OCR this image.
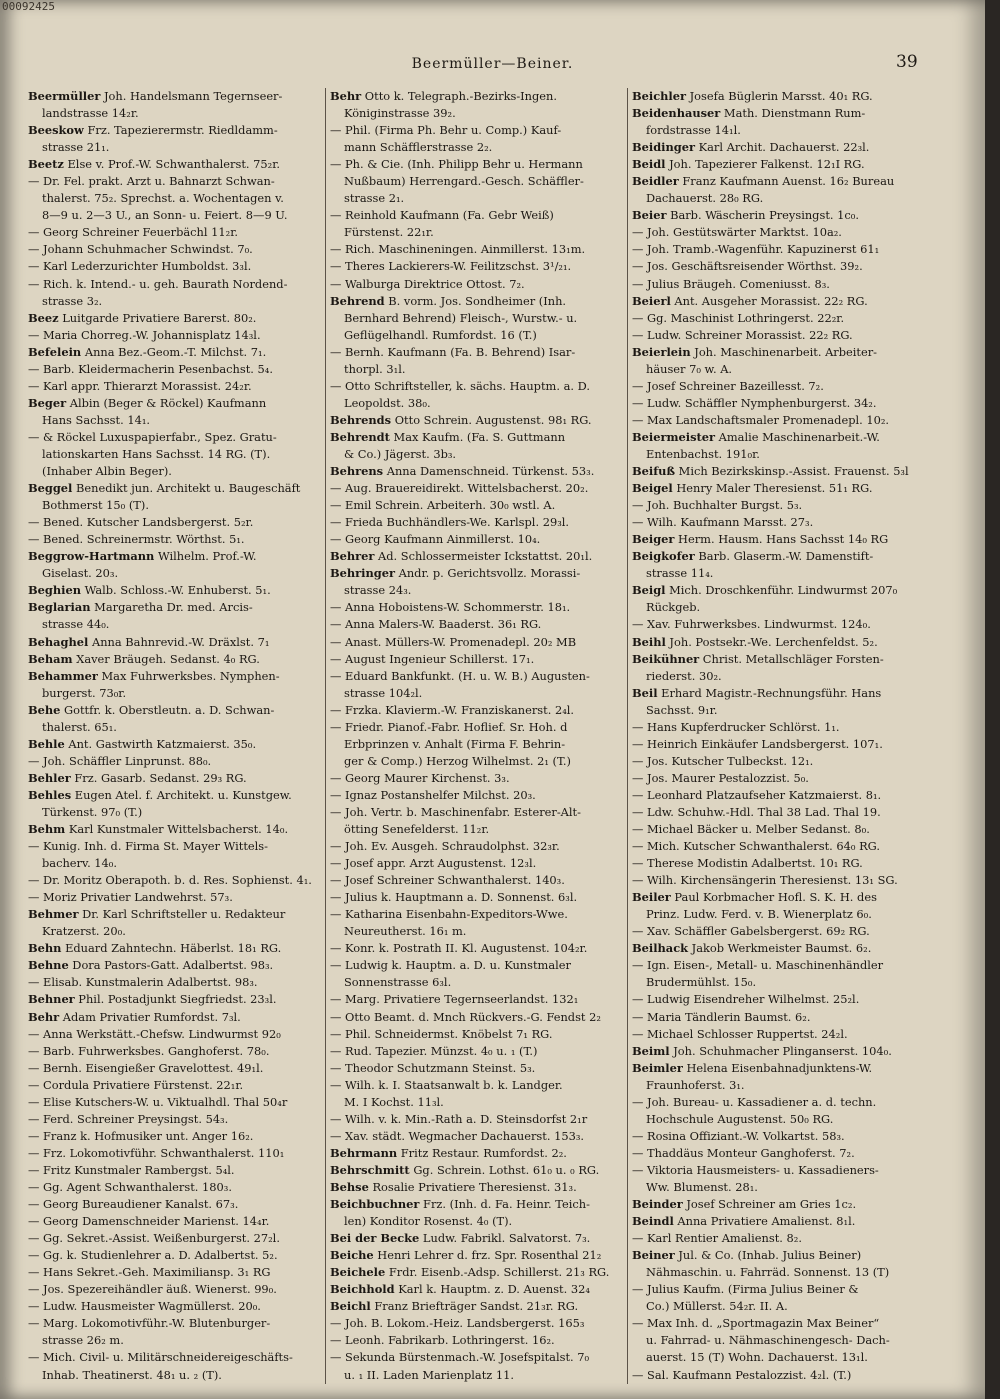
00092425
Beermüller—Beiner.	39
Beermüller Joh. Handelsmann Tegernseer-
landstrasse 14₂r.
Beeskow Frz. Tapezierermstr. Riedldamm-
strasse 21₁.
Beetz Else v. Prof.-W. Schwanthalerst. 75₂r.
— Dr. Fel. prakt. Arzt u. Bahnarzt Schwan-
thalerst. 75₂. Sprechst. a. Wochentagen v.
8—9 u. 2—3 U., an Sonn- u. Feiert. 8—9 U.
— Georg Schreiner Feuerbächl 11₂r.
— Johann Schuhmacher Schwindst. 7₀.
— Karl Lederzurichter Humboldst. 3₃l.
— Rich. k. Intend.- u. geh. Baurath Nordend-
strasse 3₂.
Beez Luitgarde Privatiere Barerst. 80₂.
— Maria Chorreg.-W. Johannisplatz 14₃l.
Befelein Anna Bez.-Geom.-T. Milchst. 7₁.
— Barb. Kleidermacherin Pesenbachst. 5₄.
— Karl appr. Thierarzt Morassist. 24₂r.
Beger Albin (Beger & Röckel) Kaufmann
Hans Sachsst. 14₁.
— & Röckel Luxuspapierfabr., Spez. Gratu-
lationskarten Hans Sachsst. 14 RG. (T).
(Inhaber Albin Beger).
Beggel Benedikt jun. Architekt u. Baugeschäft
Bothmerst 15₀ (T).
— Bened. Kutscher Landsbergerst. 5₂r.
— Bened. Schreinermstr. Wörthst. 5₁.
Beggrow-Hartmann Wilhelm. Prof.-W.
Giselast. 20₃.
Beghien Walb. Schloss.-W. Enhuberst. 5₁.
Beglarian Margaretha Dr. med. Arcis-
strasse 44₀.
Behaghel Anna Bahnrevid.-W. Dräxlst. 7₁
Beham Xaver Bräugeh. Sedanst. 4₀ RG.
Behammer Max Fuhrwerksbes. Nymphen-
burgerst. 73₀r.
Behe Gottfr. k. Oberstleutn. a. D. Schwan-
thalerst. 65₁.
Behle Ant. Gastwirth Katzmaierst. 35₀.
— Joh. Schäffler Linprunst. 88₀.
Behler Frz. Gasarb. Sedanst. 29₃ RG.
Behles Eugen Atel. f. Architekt. u. Kunstgew.
Türkenst. 97₀ (T.)
Behm Karl Kunstmaler Wittelsbacherst. 14₀.
— Kunig. Inh. d. Firma St. Mayer Wittels-
bacherv. 14₀.
— Dr. Moritz Oberapoth. b. d. Res. Sophienst. 4₁.
— Moriz Privatier Landwehrst. 57₃.
Behmer Dr. Karl Schriftsteller u. Redakteur
Kratzerst. 20₀.
Behn Eduard Zahntechn. Häberlst. 18₁ RG.
Behne Dora Pastors-Gatt. Adalbertst. 98₃.
— Elisab. Kunstmalerin Adalbertst. 98₃.
Behner Phil. Postadjunkt Siegfriedst. 23₃l.
Behr Adam Privatier Rumfordst. 7₃l.
— Anna Werkstätt.-Chefsw. Lindwurmst 92₀
— Barb. Fuhrwerksbes. Ganghoferst. 78₀.
— Bernh. Eisengießer Gravelottest. 49₁l.
— Cordula Privatiere Fürstenst. 22₁r.
— Elise Kutschers-W. u. Viktualhdl. Thal 50₄r
— Ferd. Schreiner Preysingst. 54₃.
— Franz k. Hofmusiker unt. Anger 16₂.
— Frz. Lokomotivführ. Schwanthalerst. 110₁
— Fritz Kunstmaler Rambergst. 5₄l.
— Gg. Agent Schwanthalerst. 180₃.
— Georg Bureaudiener Kanalst. 67₃.
— Georg Damenschneider Marienst. 14₄r.
— Gg. Sekret.-Assist. Weißenburgerst. 27₂l.
— Gg. k. Studienlehrer a. D. Adalbertst. 5₂.
— Hans Sekret.-Geh. Maximiliansp. 3₁ RG
— Jos. Spezereihändler äuß. Wienerst. 99₀.
— Ludw. Hausmeister Wagmüllerst. 20₀.
— Marg. Lokomotivführ.-W. Blutenburger-
strasse 26₂ m.
— Mich. Civil- u. Militärschneidereigeschäfts-
Inhab. Theatinerst. 48₁ u. ₂ (T).
Behr Otto k. Telegraph.-Bezirks-Ingen.
Königinstrasse 39₂.
— Phil. (Firma Ph. Behr u. Comp.) Kauf-
mann Schäfflerstrasse 2₂.
— Ph. & Cie. (Inh. Philipp Behr u. Hermann
Nußbaum) Herrengard.-Gesch. Schäffler-
strasse 2₁.
— Reinhold Kaufmann (Fa. Gebr Weiß)
Fürstenst. 22₁r.
— Rich. Maschineningen. Ainmillerst. 13₁m.
— Theres Lackierers-W. Feilitzschst. 3¹/₂₁.
— Walburga Direktrice Ottost. 7₂.
Behrend B. vorm. Jos. Sondheimer (Inh.
Bernhard Behrend) Fleisch-, Wurstw.- u.
Geflügelhandl. Rumfordst. 16 (T.)
— Bernh. Kaufmann (Fa. B. Behrend) Isar-
thorpl. 3₁l.
— Otto Schriftsteller, k. sächs. Hauptm. a. D.
Leopoldst. 38₀.
Behrends Otto Schrein. Augustenst. 98₁ RG.
Behrendt Max Kaufm. (Fa. S. Guttmann
& Co.) Jägerst. 3b₃.
Behrens Anna Damenschneid. Türkenst. 53₃.
— Aug. Brauereidirekt. Wittelsbacherst. 20₂.
— Emil Schrein. Arbeiterh. 30₀ wstl. A.
— Frieda Buchhändlers-We. Karlspl. 29₃l.
— Georg Kaufmann Ainmillerst. 10₄.
Behrer Ad. Schlossermeister Ickstattst. 20₁l.
Behringer Andr. p. Gerichtsvollz. Morassi-
strasse 24₃.
— Anna Hoboistens-W. Schommerstr. 18₁.
— Anna Malers-W. Baaderst. 36₁ RG.
— Anast. Müllers-W. Promenadepl. 20₂ MB
— August Ingenieur Schillerst. 17₁.
— Eduard Bankfunkt. (H. u. W. B.) Augusten-
strasse 104₂l.
— Frzka. Klavierm.-W. Franziskanerst. 2₄l.
— Friedr. Pianof.-Fabr. Hoflief. Sr. Hoh. d
Erbprinzen v. Anhalt (Firma F. Behrin-
ger & Comp.) Herzog Wilhelmst. 2₁ (T.)
— Georg Maurer Kirchenst. 3₃.
— Ignaz Postanshelfer Milchst. 20₃.
— Joh. Vertr. b. Maschinenfabr. Esterer-Alt-
ötting Senefelderst. 11₂r.
— Joh. Ev. Ausgeh. Schraudolphst. 32₃r.
— Josef appr. Arzt Augustenst. 12₃l.
— Josef Schreiner Schwanthalerst. 140₃.
— Julius k. Hauptmann a. D. Sonnenst. 6₃l.
— Katharina Eisenbahn-Expeditors-Wwe.
Neureutherst. 16₁ m.
— Konr. k. Postrath II. Kl. Augustenst. 104₂r.
— Ludwig k. Hauptm. a. D. u. Kunstmaler
Sonnenstrasse 6₃l.
— Marg. Privatiere Tegernseerlandst. 132₁
— Otto Beamt. d. Mnch Rückvers.-G. Fendst 2₂
— Phil. Schneidermst. Knöbelst 7₁ RG.
— Rud. Tapezier. Münzst. 4₀ u. ₁ (T.)
— Theodor Schutzmann Steinst. 5₃.
— Wilh. k. I. Staatsanwalt b. k. Landger.
M. I Kochst. 11₃l.
— Wilh. v. k. Min.-Rath a. D. Steinsdorfst 2₁r
— Xav. städt. Wegmacher Dachauerst. 153₃.
Behrmann Fritz Restaur. Rumfordst. 2₂.
Behrschmitt Gg. Schrein. Lothst. 61₀ u. ₀ RG.
Behse Rosalie Privatiere Theresienst. 31₃.
Beichbuchner Frz. (Inh. d. Fa. Heinr. Teich-
len) Konditor Rosenst. 4₀ (T).
Bei der Becke Ludw. Fabrikl. Salvatorst. 7₃.
Beiche Henri Lehrer d. frz. Spr. Rosenthal 21₂
Beichele Frdr. Eisenb.-Adsp. Schillerst. 21₃ RG.
Beichhold Karl k. Hauptm. z. D. Auenst. 32₄
Beichl Franz Briefträger Sandst. 21₃r. RG.
— Joh. B. Lokom.-Heiz. Landsbergerst. 165₃
— Leonh. Fabrikarb. Lothringerst. 16₂.
— Sekunda Bürstenmach.-W. Josefspitalst. 7₀
u. ₁ II. Laden Marienplatz 11.
Beichler Josefa Büglerin Marsst. 40₁ RG.
Beidenhauser Math. Dienstmann Rum-
fordstrasse 14₁l.
Beidinger Karl Archit. Dachauerst. 22₃l.
Beidl Joh. Tapezierer Falkenst. 12₁I RG.
Beidler Franz Kaufmann Auenst. 16₂ Bureau
Dachauerst. 28₀ RG.
Beier Barb. Wäscherin Preysingst. 1c₀.
— Joh. Gestütswärter Marktst. 10a₂.
— Joh. Tramb.-Wagenführ. Kapuzinerst 61₁
— Jos. Geschäftsreisender Wörthst. 39₂.
— Julius Bräugeh. Comeniusst. 8₃.
Beierl Ant. Ausgeher Morassist. 22₂ RG.
— Gg. Maschinist Lothringerst. 22₂r.
— Ludw. Schreiner Morassist. 22₂ RG.
Beierlein Joh. Maschinenarbeit. Arbeiter-
häuser 7₀ w. A.
— Josef Schreiner Bazeillesst. 7₂.
— Ludw. Schäffler Nymphenburgerst. 34₂.
— Max Landschaftsmaler Promenadepl. 10₂.
Beiermeister Amalie Maschinenarbeit.-W.
Entenbachst. 191₀r.
Beifuß Mich Bezirkskinsp.-Assist. Frauenst. 5₃l
Beigel Henry Maler Theresienst. 51₁ RG.
— Joh. Buchhalter Burgst. 5₃.
— Wilh. Kaufmann Marsst. 27₃.
Beiger Herm. Hausm. Hans Sachsst 14₀ RG
Beigkofer Barb. Glaserm.-W. Damenstift-
strasse 11₄.
Beigl Mich. Droschkenführ. Lindwurmst 207₀
Rückgeb.
— Xav. Fuhrwerksbes. Lindwurmst. 124₀.
Beihl Joh. Postsekr.-We. Lerchenfeldst. 5₂.
Beikühner Christ. Metallschläger Forsten-
riederst. 30₂.
Beil Erhard Magistr.-Rechnungsführ. Hans
Sachsst. 9₁r.
— Hans Kupferdrucker Schlörst. 1₁.
— Heinrich Einkäufer Landsbergerst. 107₁.
— Jos. Kutscher Tulbeckst. 12₁.
— Jos. Maurer Pestalozzist. 5₀.
— Leonhard Platzaufseher Katzmaierst. 8₁.
— Ldw. Schuhw.-Hdl. Thal 38 Lad. Thal 19.
— Michael Bäcker u. Melber Sedanst. 8₀.
— Mich. Kutscher Schwanthalerst. 64₀ RG.
— Therese Modistin Adalbertst. 10₁ RG.
— Wilh. Kirchensängerin Theresienst. 13₁ SG.
Beiler Paul Korbmacher Hofl. S. K. H. des
Prinz. Ludw. Ferd. v. B. Wienerplatz 6₀.
— Xav. Schäffler Gabelsbergerst. 69₂ RG.
Beilhack Jakob Werkmeister Baumst. 6₂.
— Ign. Eisen-, Metall- u. Maschinenhändler
Brudermühlst. 15₀.
— Ludwig Eisendreher Wilhelmst. 25₂l.
— Maria Tändlerin Baumst. 6₂.
— Michael Schlosser Ruppertst. 24₂l.
Beiml Joh. Schuhmacher Plinganserst. 104₀.
Beimler Helena Eisenbahnadjunktens-W.
Fraunhoferst. 3₁.
— Joh. Bureau- u. Kassadiener a. d. techn.
Hochschule Augustenst. 50₀ RG.
— Rosina Offiziant.-W. Volkartst. 58₃.
— Thaddäus Monteur Ganghoferst. 7₂.
— Viktoria Hausmeisters- u. Kassadieners-
Ww. Blumenst. 28₁.
Beinder Josef Schreiner am Gries 1c₂.
Beindl Anna Privatiere Amalienst. 8₁l.
— Karl Rentier Amalienst. 8₂.
Beiner Jul. & Co. (Inhab. Julius Beiner)
Nähmaschin. u. Fahrräd. Sonnenst. 13 (T)
— Julius Kaufm. (Firma Julius Beiner &
Co.) Müllerst. 54₂r. II. A.
— Max Inh. d. „Sportmagazin Max Beiner“
u. Fahrrad- u. Nähmaschinengesch- Dach-
auerst. 15 (T) Wohn. Dachauerst. 13₁l.
— Sal. Kaufmann Pestalozzist. 4₂l. (T.)
